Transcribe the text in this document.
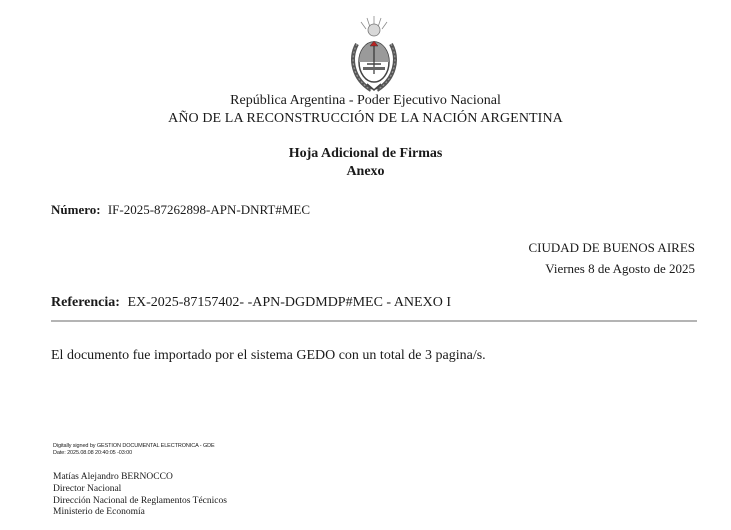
República Argentina - Poder Ejecutivo Nacional
AÑO DE LA RECONSTRUCCIÓN DE LA NACIÓN ARGENTINA
Hoja Adicional de Firmas
Anexo
Número: IF-2025-87262898-APN-DNRT#MEC
CIUDAD DE BUENOS AIRES
Viernes 8 de Agosto de 2025
Referencia: EX-2025-87157402- -APN-DGDMDP#MEC - ANEXO I
El documento fue importado por el sistema GEDO con un total de 3 pagina/s.
Digitally signed by GESTION DOCUMENTAL ELECTRONICA - GDE
Date: 2025.08.08 20:40:05 -03:00
Matías Alejandro BERNOCCO
Director Nacional
Dirección Nacional de Reglamentos Técnicos
Ministerio de Economía
